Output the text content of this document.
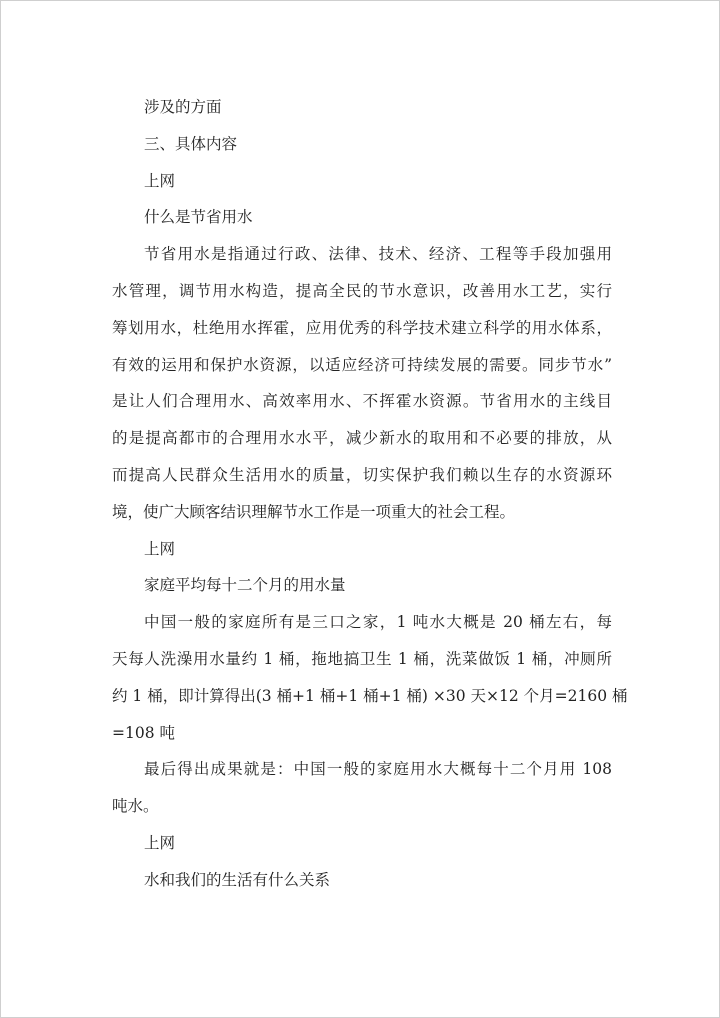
涉及的方面
三、具体内容
上网
什么是节省用水
节省用水是指通过行政、法律、技术、经济、工程等手段加强用
水管理，调节用水构造，提高全民的节水意识，改善用水工艺，实行
筹划用水，杜绝用水挥霍，应用优秀的科学技术建立科学的用水体系，
有效的运用和保护水资源，以适应经济可持续发展的需要。同步节水”
是让人们合理用水、高效率用水、不挥霍水资源。节省用水的主线目
的是提高都市的合理用水水平，减少新水的取用和不必要的排放，从
而提高人民群众生活用水的质量，切实保护我们赖以生存的水资源环
境，使广大顾客结识理解节水工作是一项重大的社会工程。
上网
家庭平均每十二个月的用水量
中国一般的家庭所有是三口之家，1 吨水大概是 20 桶左右，每
天每人洗澡用水量约 1 桶，拖地搞卫生 1 桶，洗菜做饭 1 桶，冲厕所
约 1 桶，即计算得出(3 桶+1 桶+1 桶+1 桶) ×30 天×12 个月=2160 桶
=108 吨
最后得出成果就是：中国一般的家庭用水大概每十二个月用 108
吨水。
上网
水和我们的生活有什么关系
